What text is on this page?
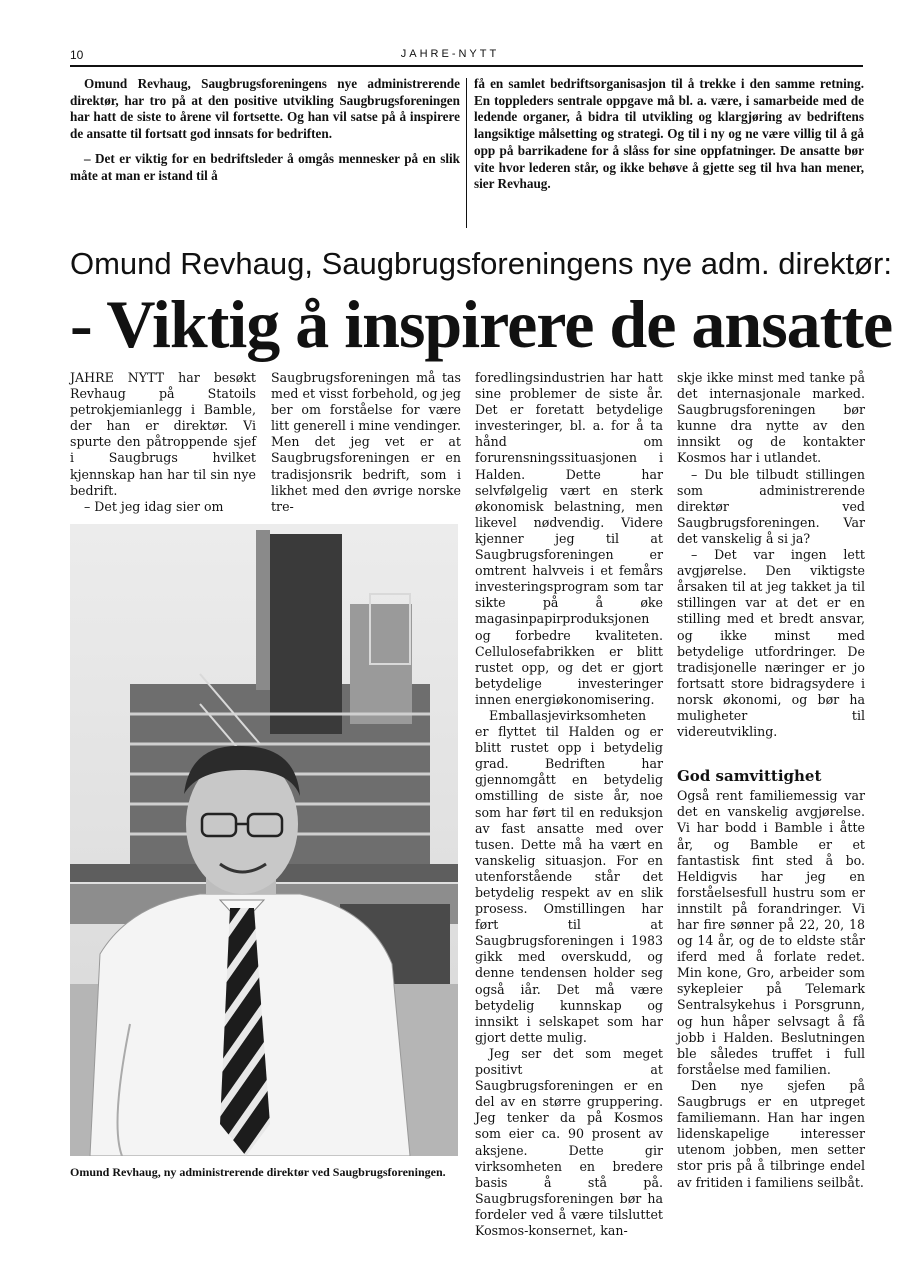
10	JAHRE-NYTT

Omund Revhaug, Saugbrugsforeningens nye administrerende direktør, har tro på at den positive utvikling Saugbrugsforeningen har hatt de siste to årene vil fortsette. Og han vil satse på å inspirere de ansatte til fortsatt god innsats for bedriften.

– Det er viktig for en bedriftsleder å omgås mennesker på en slik måte at man er istand til å

få en samlet bedriftsorganisasjon til å trekke i den samme retning. En toppleders sentrale oppgave må bl. a. være, i samarbeide med de ledende organer, å bidra til utvikling og klargjøring av bedriftens langsiktige målsetting og strategi. Og til i ny og ne være villig til å gå opp på barrikadene for å slåss for sine oppfatninger. De ansatte bør vite hvor lederen står, og ikke behøve å gjette seg til hva han mener, sier Revhaug.

Omund Revhaug, Saugbrugsforeningens nye adm. direktør:
- Viktig å inspirere de ansatte

JAHRE NYTT har besøkt Revhaug på Statoils petrokjemianlegg i Bamble, der han er direktør. Vi spurte den påtroppende sjef i Saugbrugs hvilket kjennskap han har til sin nye bedrift.

– Det jeg idag sier om

Saugbrugsforeningen må tas med et visst forbehold, og jeg ber om forståelse for være litt generell i mine vendinger. Men det jeg vet er at Saugbrugsforeningen er en tradisjonsrik bedrift, som i likhet med den øvrige norske tre-

foredlingsindustrien har hatt sine problemer de siste år. Det er foretatt betydelige investeringer, bl. a. for å ta hånd om forurensningssituasjonen i Halden. Dette har selvfølgelig vært en sterk økonomisk belastning, men likevel nødvendig. Videre kjenner jeg til at Saugbrugsforeningen er omtrent halvveis i et femårs investeringsprogram som tar sikte på å øke magasinpapirproduksjonen og forbedre kvaliteten. Cellulosefabrikken er blitt rustet opp, og det er gjort betydelige investeringer innen energiøkonomisering.

Emballasjevirksomheten er flyttet til Halden og er blitt rustet opp i betydelig grad. Bedriften har gjennomgått en betydelig omstilling de siste år, noe som har ført til en reduksjon av fast ansatte med over tusen. Dette må ha vært en vanskelig situasjon. For en utenforstående står det betydelig respekt av en slik prosess. Omstillingen har ført til at Saugbrugsforeningen i 1983 gikk med overskudd, og denne tendensen holder seg også iår. Det må være betydelig kunnskap og innsikt i selskapet som har gjort dette mulig.

Jeg ser det som meget positivt at Saugbrugsforeningen er en del av en større gruppering. Jeg tenker da på Kosmos som eier ca. 90 prosent av aksjene. Dette gir virksomheten en bredere basis å stå på. Saugbrugsforeningen bør ha fordeler ved å være tilsluttet Kosmos-konsernet, kan-

skje ikke minst med tanke på det internasjonale marked. Saugbrugsforeningen bør kunne dra nytte av den innsikt og de kontakter Kosmos har i utlandet.

– Du ble tilbudt stillingen som administrerende direktør ved Saugbrugsforeningen. Var det vanskelig å si ja?

– Det var ingen lett avgjørelse. Den viktigste årsaken til at jeg takket ja til stillingen var at det er en stilling med et bredt ansvar, og ikke minst med betydelige utfordringer. De tradisjonelle næringer er jo fortsatt store bidragsydere i norsk økonomi, og bør ha muligheter til videreutvikling.

God samvittighet

Også rent familiemessig var det en vanskelig avgjørelse. Vi har bodd i Bamble i åtte år, og Bamble er et fantastisk fint sted å bo. Heldigvis har jeg en forståelsesfull hustru som er innstilt på forandringer. Vi har fire sønner på 22, 20, 18 og 14 år, og de to eldste står iferd med å forlate redet. Min kone, Gro, arbeider som sykepleier på Telemark Sentralsykehus i Porsgrunn, og hun håper selvsagt å få jobb i Halden. Beslutningen ble således truffet i full forståelse med familien.

Den nye sjefen på Saugbrugs er en utpreget familiemann. Han har ingen lidenskapelige interesser utenom jobben, men setter stor pris på å tilbringe endel av fritiden i familiens seilbåt.

Omund Revhaug, ny administrerende direktør ved Saugbrugsforeningen.
